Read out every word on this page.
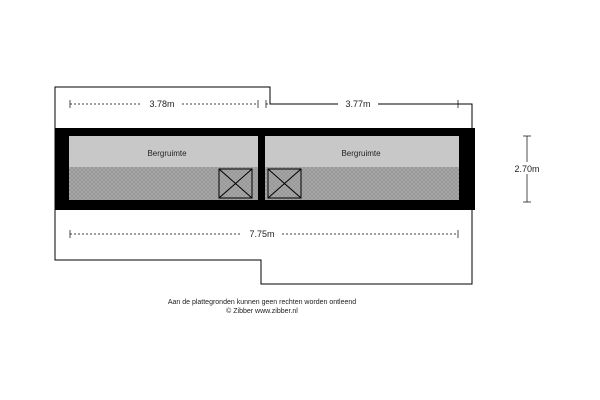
Bergruimte	Bergruimte
3.78m	3.77m
7.75m
2.70m
Aan de plattegronden kunnen geen rechten worden ontleend
© Zibber www.zibber.nl
